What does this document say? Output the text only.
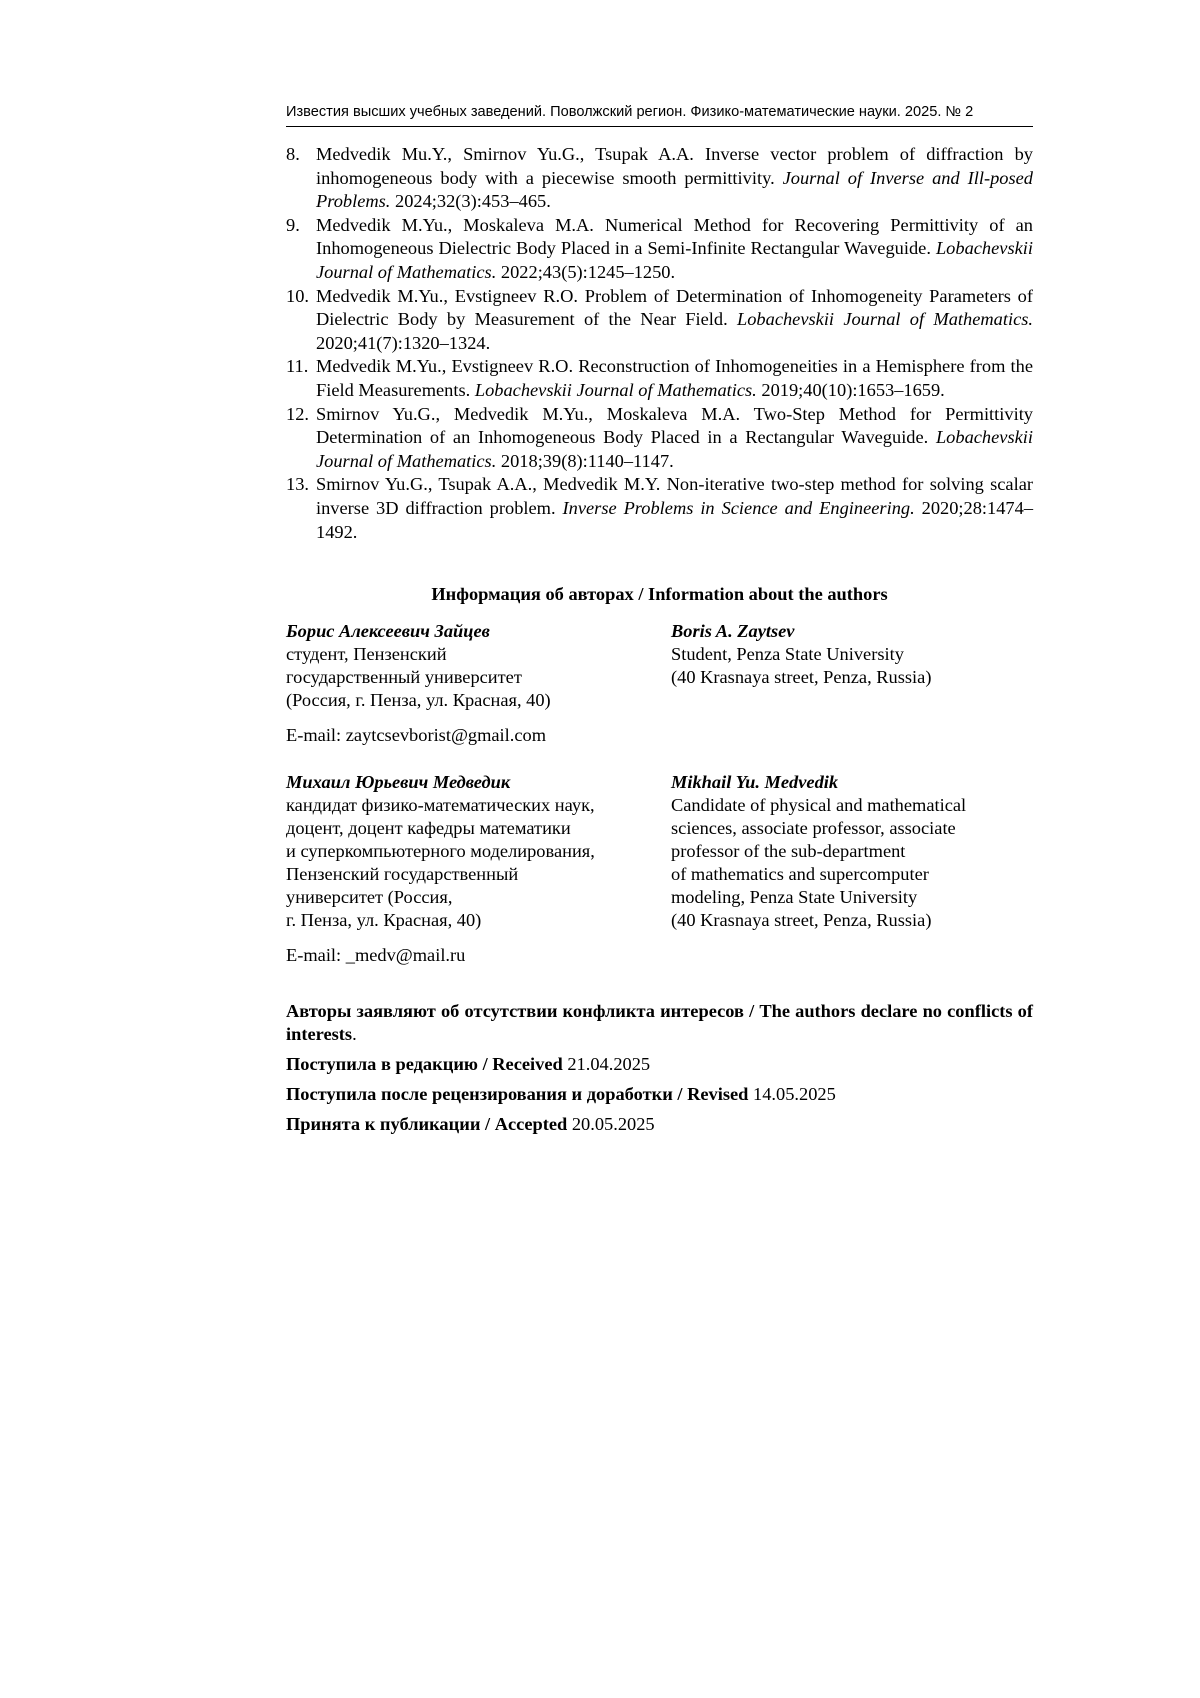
Известия высших учебных заведений. Поволжский регион. Физико-математические науки. 2025. № 2
8. Medvedik Mu.Y., Smirnov Yu.G., Tsupak A.A. Inverse vector problem of diffraction by inhomogeneous body with a piecewise smooth permittivity. Journal of Inverse and Ill-posed Problems. 2024;32(3):453–465.
9. Medvedik M.Yu., Moskaleva M.A. Numerical Method for Recovering Permittivity of an Inhomogeneous Dielectric Body Placed in a Semi-Infinite Rectangular Waveguide. Lobachevskii Journal of Mathematics. 2022;43(5):1245–1250.
10. Medvedik M.Yu., Evstigneev R.O. Problem of Determination of Inhomogeneity Parameters of Dielectric Body by Measurement of the Near Field. Lobachevskii Journal of Mathematics. 2020;41(7):1320–1324.
11. Medvedik M.Yu., Evstigneev R.O. Reconstruction of Inhomogeneities in a Hemisphere from the Field Measurements. Lobachevskii Journal of Mathematics. 2019;40(10):1653–1659.
12. Smirnov Yu.G., Medvedik M.Yu., Moskaleva M.A. Two-Step Method for Permittivity Determination of an Inhomogeneous Body Placed in a Rectangular Waveguide. Lobachevskii Journal of Mathematics. 2018;39(8):1140–1147.
13. Smirnov Yu.G., Tsupak A.A., Medvedik M.Y. Non-iterative two-step method for solving scalar inverse 3D diffraction problem. Inverse Problems in Science and Engineering. 2020;28:1474–1492.
Информация об авторах / Information about the authors
Борис Алексеевич Зайцев
студент, Пензенский
государственный университет
(Россия, г. Пенза, ул. Красная, 40)
Boris A. Zaytsev
Student, Penza State University
(40 Krasnaya street, Penza, Russia)
E-mail: zaytcsevborist@gmail.com
Михаил Юрьевич Медведик
кандидат физико-математических наук,
доцент, доцент кафедры математики
и суперкомпьютерного моделирования,
Пензенский государственный
университет (Россия,
г. Пенза, ул. Красная, 40)
Mikhail Yu. Medvedik
Candidate of physical and mathematical
sciences, associate professor, associate
professor of the sub-department
of mathematics and supercomputer
modeling, Penza State University
(40 Krasnaya street, Penza, Russia)
E-mail: _medv@mail.ru

Авторы заявляют об отсутствии конфликта интересов / The authors declare no conflicts of interests.

Поступила в редакцию / Received 21.04.2025

Поступила после рецензирования и доработки / Revised 14.05.2025

Принята к публикации / Accepted 20.05.2025
